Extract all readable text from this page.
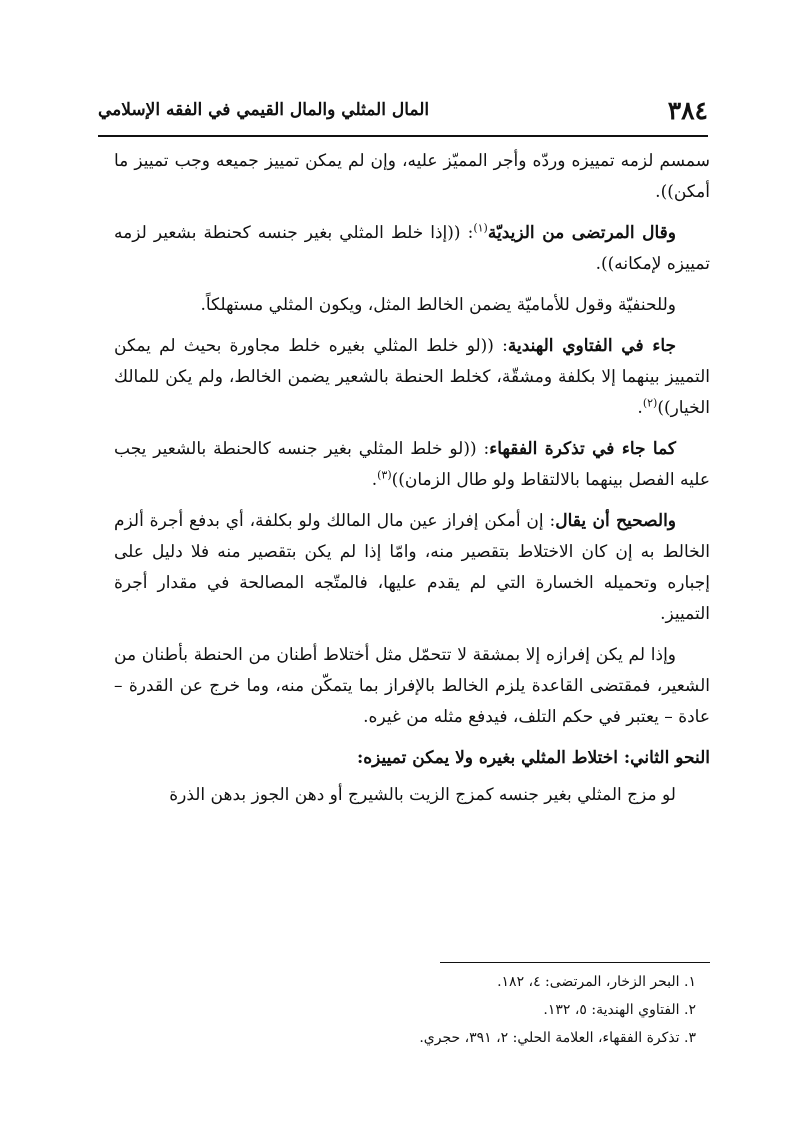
٣٨٤
المال المثلي والمال القيمي في الفقه الإسلامي

سمسم لزمه تمييزه وردّه وأجر المميّز عليه، وإن لم يمكن تمييز جميعه وجب تمييز ما أمكن)).

وقال المرتضى من الزيديّة$^{(١)}$: ((إذا خلط المثلي بغير جنسه كحنطة بشعير لزمه تمييزه لإمكانه)).

وللحنفيّة وقول للأماميّة يضمن الخالط المثل، ويكون المثلي مستهلكاً.

جاء في الفتاوي الهندية: ((لو خلط المثلي بغيره خلط مجاورة بحيث لم يمكن التمييز بينهما إلا بكلفة ومشقّة، كخلط الحنطة بالشعير يضمن الخالط، ولم يكن للمالك الخيار))$^{(٢)}$.

كما جاء في تذكرة الفقهاء: ((لو خلط المثلي بغير جنسه كالحنطة بالشعير يجب عليه الفصل بينهما بالالتقاط ولو طال الزمان))$^{(٣)}$.

والصحيح أن يقال: إن أمكن إفراز عين مال المالك ولو بكلفة، أي بدفع أجرة ألزم الخالط به إن كان الاختلاط بتقصير منه، وامّا إذا لم يكن بتقصير منه فلا دليل على إجباره وتحميله الخسارة التي لم يقدم عليها، فالمتّجه المصالحة في مقدار أجرة التمييز.

وإذا لم يكن إفرازه إلا بمشقة لا تتحمّل مثل أختلاط أطنان من الحنطة بأطنان من الشعير، فمقتضى القاعدة يلزم الخالط بالإفراز بما يتمكّن منه، وما خرج عن القدرة – عادة – يعتبر في حكم التلف، فيدفع مثله من غيره.

النحو الثاني: اختلاط المثلي بغيره ولا يمكن تمييزه:

لو مزج المثلي بغير جنسه كمزج الزيت بالشيرج أو دهن الجوز بدهن الذرة

١. البحر الزخار، المرتضى: ٤، ١٨٢.

٢. الفتاوي الهندية: ٥، ١٣٢.

٣. تذكرة الفقهاء، العلامة الحلي: ٢، ٣٩١، حجري.
